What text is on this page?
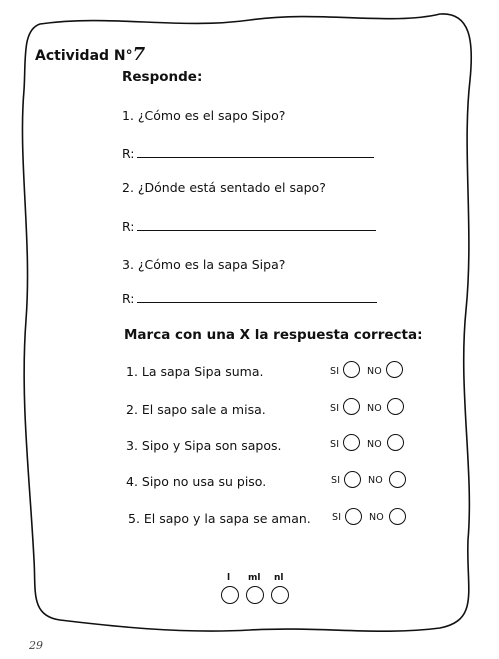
Actividad N°7
Responde:
1. ¿Cómo es el sapo Sipo?
R:
2. ¿Dónde está sentado el sapo?
R:
3. ¿Cómo es la sapa Sipa?
R:
Marca con una X la respuesta correcta:
1. La sapa Sipa suma.	SI	NO
2. El sapo sale a misa.	SI	NO
3. Sipo y Sipa son sapos.	SI	NO
4. Sipo no usa su piso.	SI	NO
5. El sapo y la sapa se aman. SI	NO
l ml nl
29
